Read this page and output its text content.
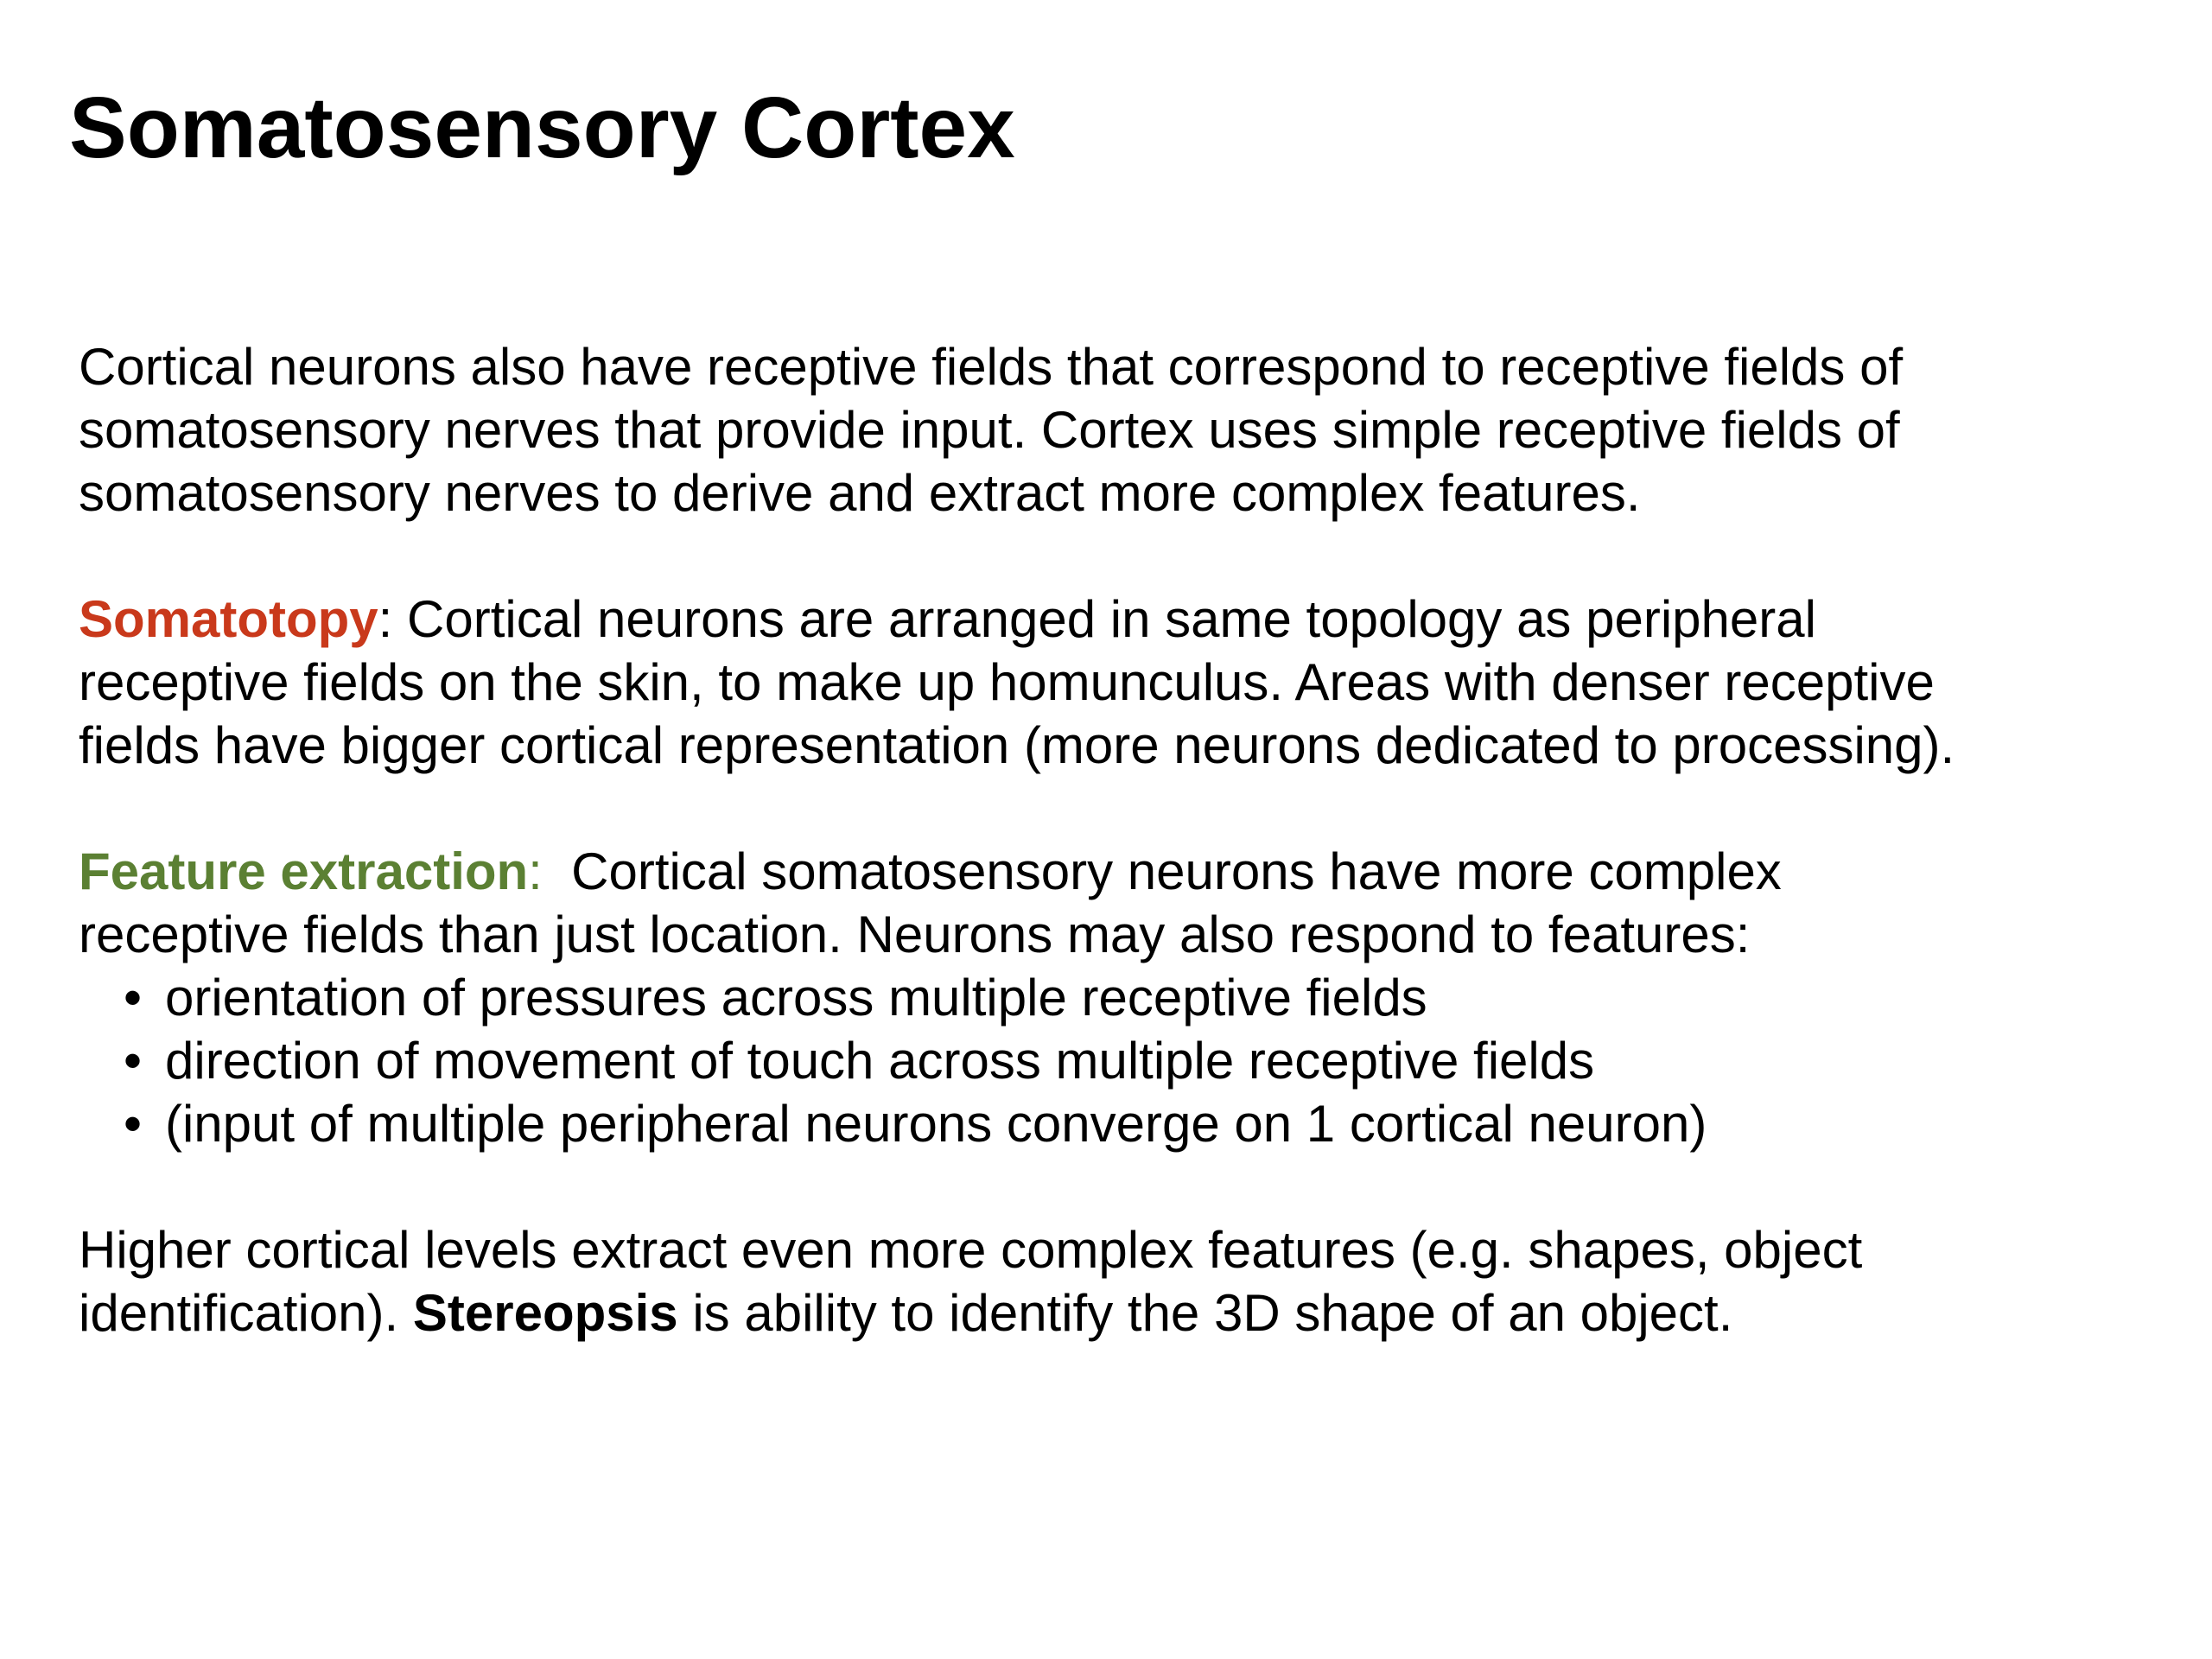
Somatosensory Cortex

Cortical neurons also have receptive fields that correspond to receptive fields of
somatosensory nerves that provide input. Cortex uses simple receptive fields of
somatosensory nerves to derive and extract more complex features.

Somatotopy: Cortical neurons are arranged in same topology as peripheral
receptive fields on the skin, to make up homunculus. Areas with denser receptive
fields have bigger cortical representation (more neurons dedicated to processing).

Feature extraction:  Cortical somatosensory neurons have more complex
receptive fields than just location. Neurons may also respond to features:

• orientation of pressures across multiple receptive fields
• direction of movement of touch across multiple receptive fields
• (input of multiple peripheral neurons converge on 1 cortical neuron)

Higher cortical levels extract even more complex features (e.g. shapes, object
identification). Stereopsis is ability to identify the 3D shape of an object.
